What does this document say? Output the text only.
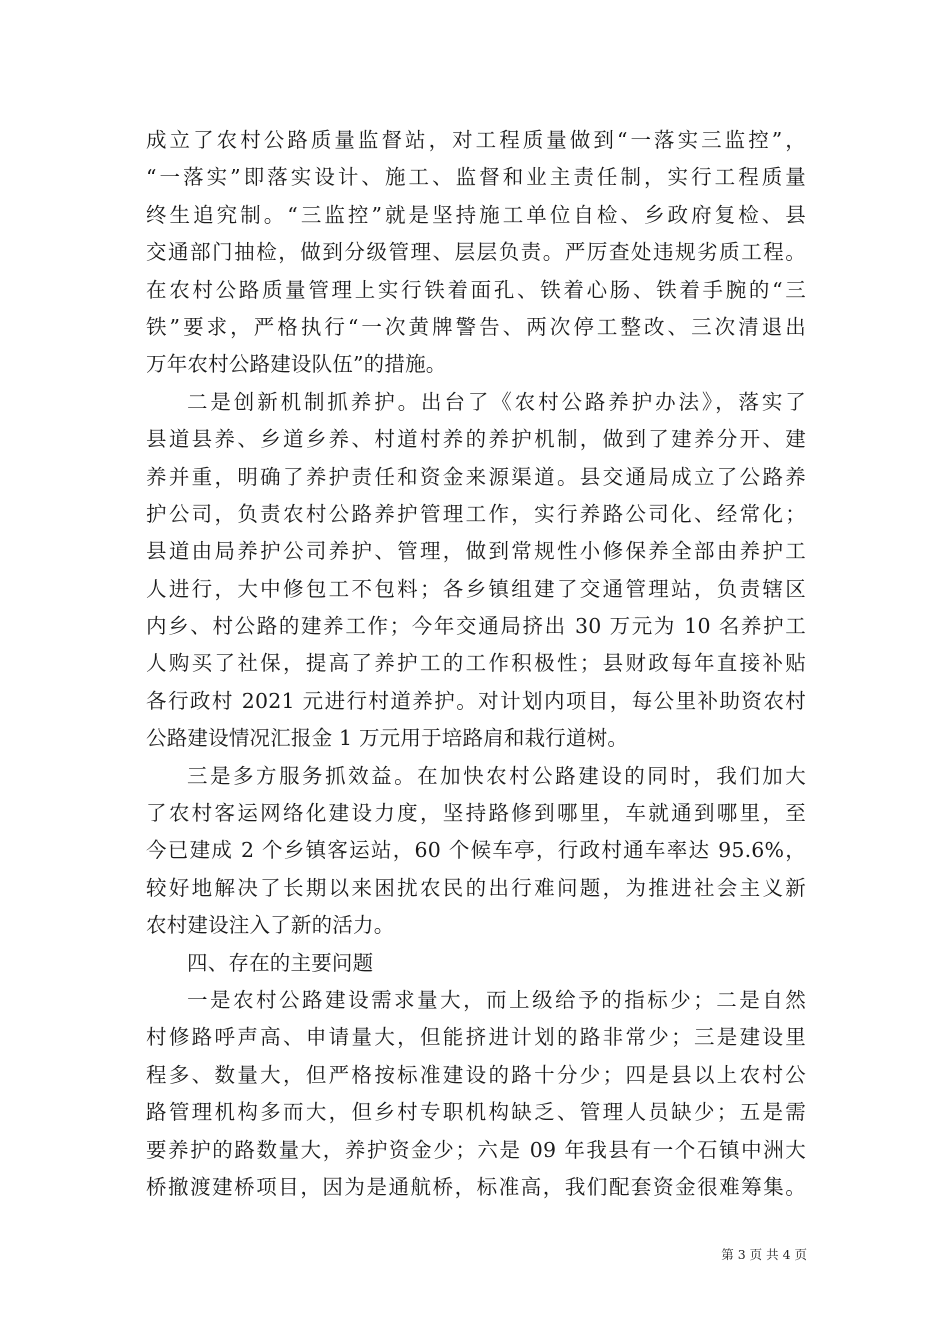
成立了农村公路质量监督站，对工程质量做到“一落实三监控”，
“一落实”即落实设计、施工、监督和业主责任制，实行工程质量
终生追究制。“三监控”就是坚持施工单位自检、乡政府复检、县
交通部门抽检，做到分级管理、层层负责。严厉查处违规劣质工程。
在农村公路质量管理上实行铁着面孔、铁着心肠、铁着手腕的“三
铁”要求，严格执行“一次黄牌警告、两次停工整改、三次清退出
万年农村公路建设队伍”的措施。
二是创新机制抓养护。出台了《农村公路养护办法》，落实了
县道县养、乡道乡养、村道村养的养护机制，做到了建养分开、建
养并重，明确了养护责任和资金来源渠道。县交通局成立了公路养
护公司，负责农村公路养护管理工作，实行养路公司化、经常化；
县道由局养护公司养护、管理，做到常规性小修保养全部由养护工
人进行，大中修包工不包料；各乡镇组建了交通管理站，负责辖区
内乡、村公路的建养工作；今年交通局挤出 30 万元为 10 名养护工
人购买了社保，提高了养护工的工作积极性；县财政每年直接补贴
各行政村 2021 元进行村道养护。对计划内项目，每公里补助资农村
公路建设情况汇报金 1 万元用于培路肩和栽行道树。
三是多方服务抓效益。在加快农村公路建设的同时，我们加大
了农村客运网络化建设力度，坚持路修到哪里，车就通到哪里，至
今已建成 2 个乡镇客运站，60 个候车亭，行政村通车率达 95.6%，
较好地解决了长期以来困扰农民的出行难问题，为推进社会主义新
农村建设注入了新的活力。
四、存在的主要问题
一是农村公路建设需求量大，而上级给予的指标少；二是自然
村修路呼声高、申请量大，但能挤进计划的路非常少；三是建设里
程多、数量大，但严格按标准建设的路十分少；四是县以上农村公
路管理机构多而大，但乡村专职机构缺乏、管理人员缺少；五是需
要养护的路数量大，养护资金少；六是 09 年我县有一个石镇中洲大
桥撤渡建桥项目，因为是通航桥，标准高，我们配套资金很难筹集。
第 3 页 共 4 页
